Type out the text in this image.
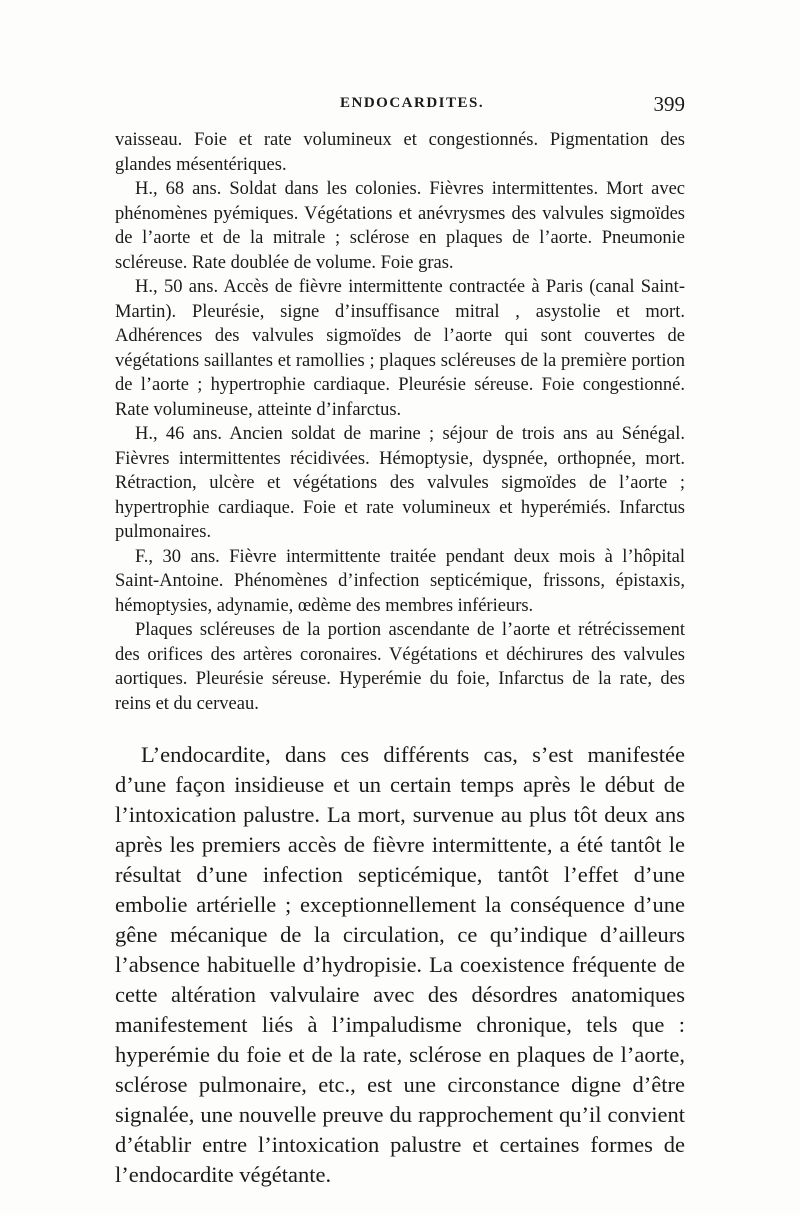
ENDOCARDITES.	399

vaisseau. Foie et rate volumineux et congestionnés. Pigmentation des glandes mésentériques.

H., 68 ans. Soldat dans les colonies. Fièvres intermittentes. Mort avec phénomènes pyémiques. Végétations et anévrysmes des valvules sigmoïdes de l’aorte et de la mitrale ; sclérose en plaques de l’aorte. Pneumonie scléreuse. Rate doublée de volume. Foie gras.

H., 50 ans. Accès de fièvre intermittente contractée à Paris (canal Saint-Martin). Pleurésie, signe d’insuffisance mitral , asystolie et mort. Adhérences des valvules sigmoïdes de l’aorte qui sont couvertes de végétations saillantes et ramollies ; plaques scléreuses de la première portion de l’aorte ; hypertrophie cardiaque. Pleurésie séreuse. Foie congestionné. Rate volumineuse, atteinte d’infarctus.

H., 46 ans. Ancien soldat de marine ; séjour de trois ans au Sénégal. Fièvres intermittentes récidivées. Hémoptysie, dyspnée, orthopnée, mort. Rétraction, ulcère et végétations des valvules sigmoïdes de l’aorte ; hypertrophie cardiaque. Foie et rate volumineux et hyperémiés. Infarctus pulmonaires.

F., 30 ans. Fièvre intermittente traitée pendant deux mois à l’hôpital Saint-Antoine. Phénomènes d’infection septicémique, frissons, épistaxis, hémoptysies, adynamie, œdème des membres inférieurs.

Plaques scléreuses de la portion ascendante de l’aorte et rétrécissement des orifices des artères coronaires. Végétations et déchirures des valvules aortiques. Pleurésie séreuse. Hyperémie du foie, Infarctus de la rate, des reins et du cerveau.

L’endocardite, dans ces différents cas, s’est manifestée d’une façon insidieuse et un certain temps après le début de l’intoxication palustre. La mort, survenue au plus tôt deux ans après les premiers accès de fièvre intermittente, a été tantôt le résultat d’une infection septicémique, tantôt l’effet d’une embolie artérielle ; exceptionnellement la conséquence d’une gêne mécanique de la circulation, ce qu’indique d’ailleurs l’absence habituelle d’hydropisie. La coexistence fréquente de cette altération valvulaire avec des désordres anatomiques manifestement liés à l’impaludisme chronique, tels que : hyperémie du foie et de la rate, sclérose en plaques de l’aorte, sclérose pulmonaire, etc., est une circonstance digne d’être signalée, une nouvelle preuve du rapprochement qu’il convient d’établir entre l’intoxication palustre et certaines formes de l’endocardite végétante.
